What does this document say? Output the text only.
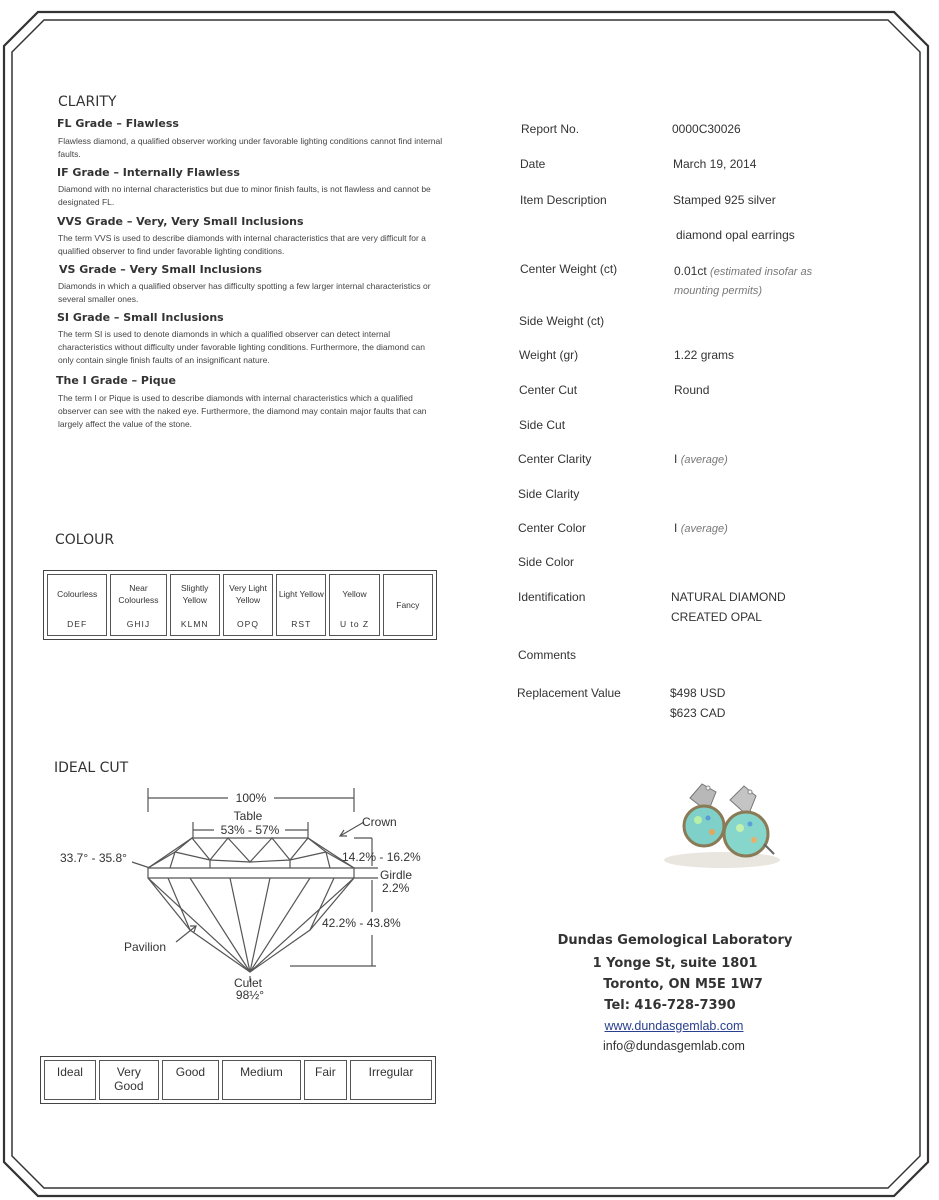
CLARITY
FL Grade – Flawless
Flawless diamond, a qualified observer working under favorable lighting conditions cannot find internal faults.
IF Grade – Internally Flawless
Diamond with no internal characteristics but due to minor finish faults, is not flawless and cannot be designated FL.
VVS Grade – Very, Very Small Inclusions
The term VVS is used to describe diamonds with internal characteristics that are very difficult for a qualified observer to find under favorable lighting conditions.
VS Grade – Very Small Inclusions
Diamonds in which a qualified observer has difficulty spotting a few larger internal characteristics or several smaller ones.
SI Grade – Small Inclusions
The term SI is used to denote diamonds in which a qualified observer can detect internal characteristics without difficulty under favorable lighting conditions. Furthermore, the diamond can only contain single finish faults of an insignificant nature.
The I Grade – Pique
The term I or Pique is used to describe diamonds with internal characteristics which a qualified observer can see with the naked eye. Furthermore, the diamond may contain major faults that can largely affect the value of the stone.
COLOUR
Colourless
DEF

Near Colourless
GHIJ

Slightly Yellow
KLMN

Very Light Yellow
OPQ

Light Yellow
RST

Yellow
U to Z
	Fancy
IDEAL CUT
100%
Table
53% - 57%
Crown
33.7° - 35.8°	14.2% - 16.2%
Girdle
2.2%
42.2% - 43.8%
Pavilion
Culet
98½°
Ideal	Very Good	Good	Medium	Fair	Irregular
Report No.	0000C30026
Date	March 19, 2014
Item Description	Stamped 925 silver
diamond opal earrings
Center Weight (ct)	0.01ct (estimated insofar as mounting permits)
Side Weight (ct)
Weight (gr)	1.22 grams
Center Cut	Round
Side Cut
Center Clarity	I (average)
Side Clarity
Center Color	I (average)
Side Color
Identification	NATURAL DIAMOND
CREATED OPAL
Comments
Replacement Value	$498 USD
$623 CAD
Dundas Gemological Laboratory
1 Yonge St, suite 1801
Toronto, ON M5E 1W7
Tel: 416-728-7390
www.dundasgemlab.com
info@dundasgemlab.com
